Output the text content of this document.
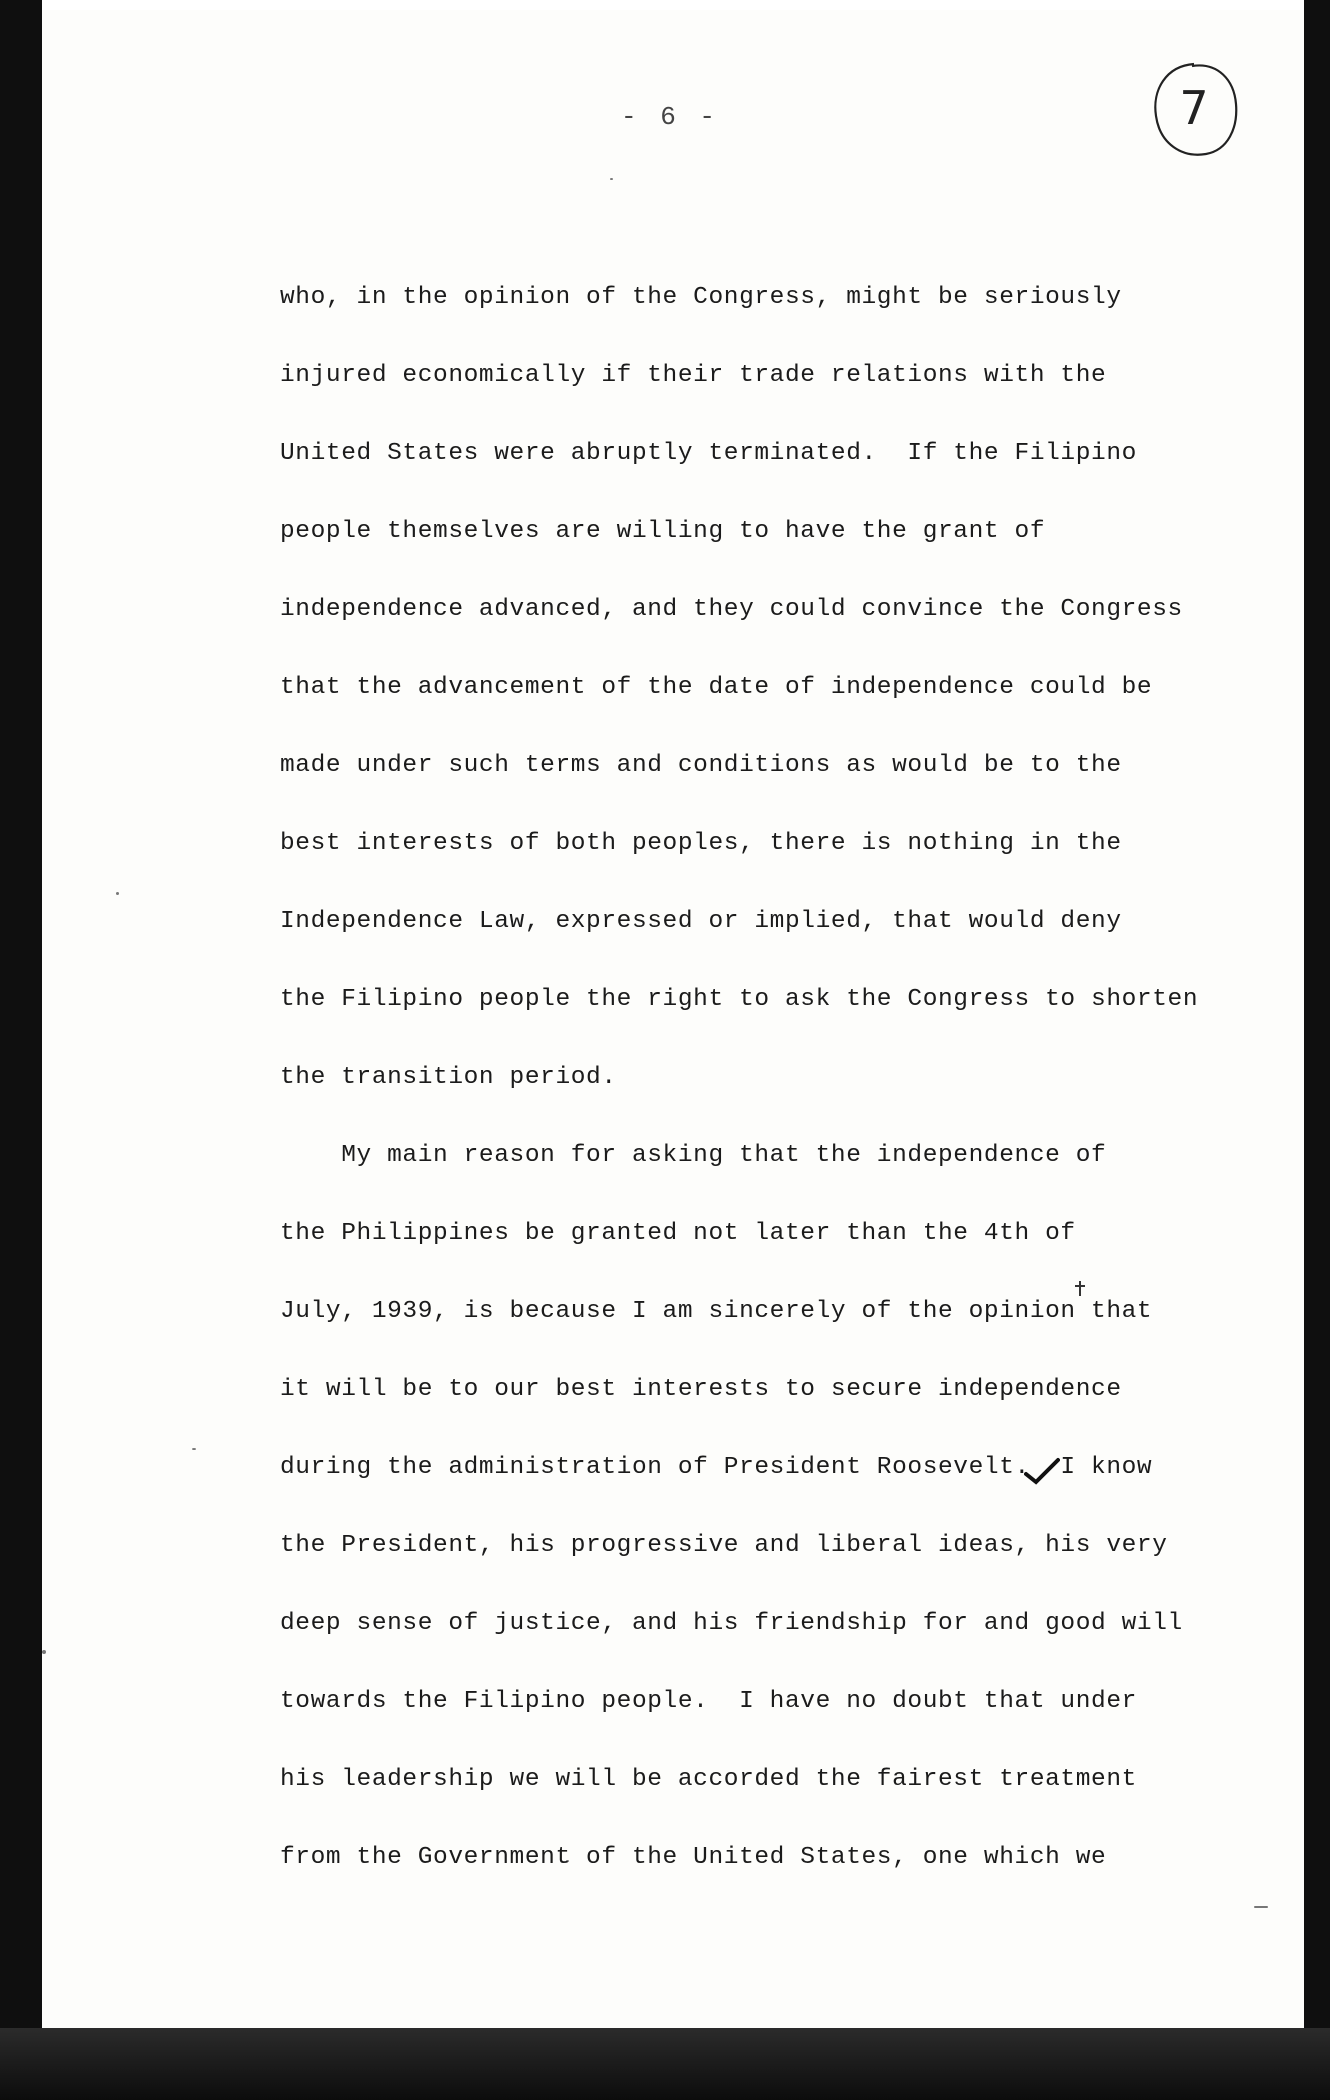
- 6 -	7
who, in the opinion of the Congress, might be seriously
injured economically if their trade relations with the
United States were abruptly terminated.  If the Filipino
people themselves are willing to have the grant of
independence advanced, and they could convince the Congress
that the advancement of the date of independence could be
made under such terms and conditions as would be to the
best interests of both peoples, there is nothing in the
Independence Law, expressed or implied, that would deny
the Filipino people the right to ask the Congress to shorten
the transition period.
My main reason for asking that the independence of
the Philippines be granted not later than the 4th of
July, 1939, is because I am sincerely of the opinion that
it will be to our best interests to secure independence
during the administration of President Roosevelt.  I know
the President, his progressive and liberal ideas, his very
deep sense of justice, and his friendship for and good will
towards the Filipino people.  I have no doubt that under
his leadership we will be accorded the fairest treatment
from the Government of the United States, one which we
